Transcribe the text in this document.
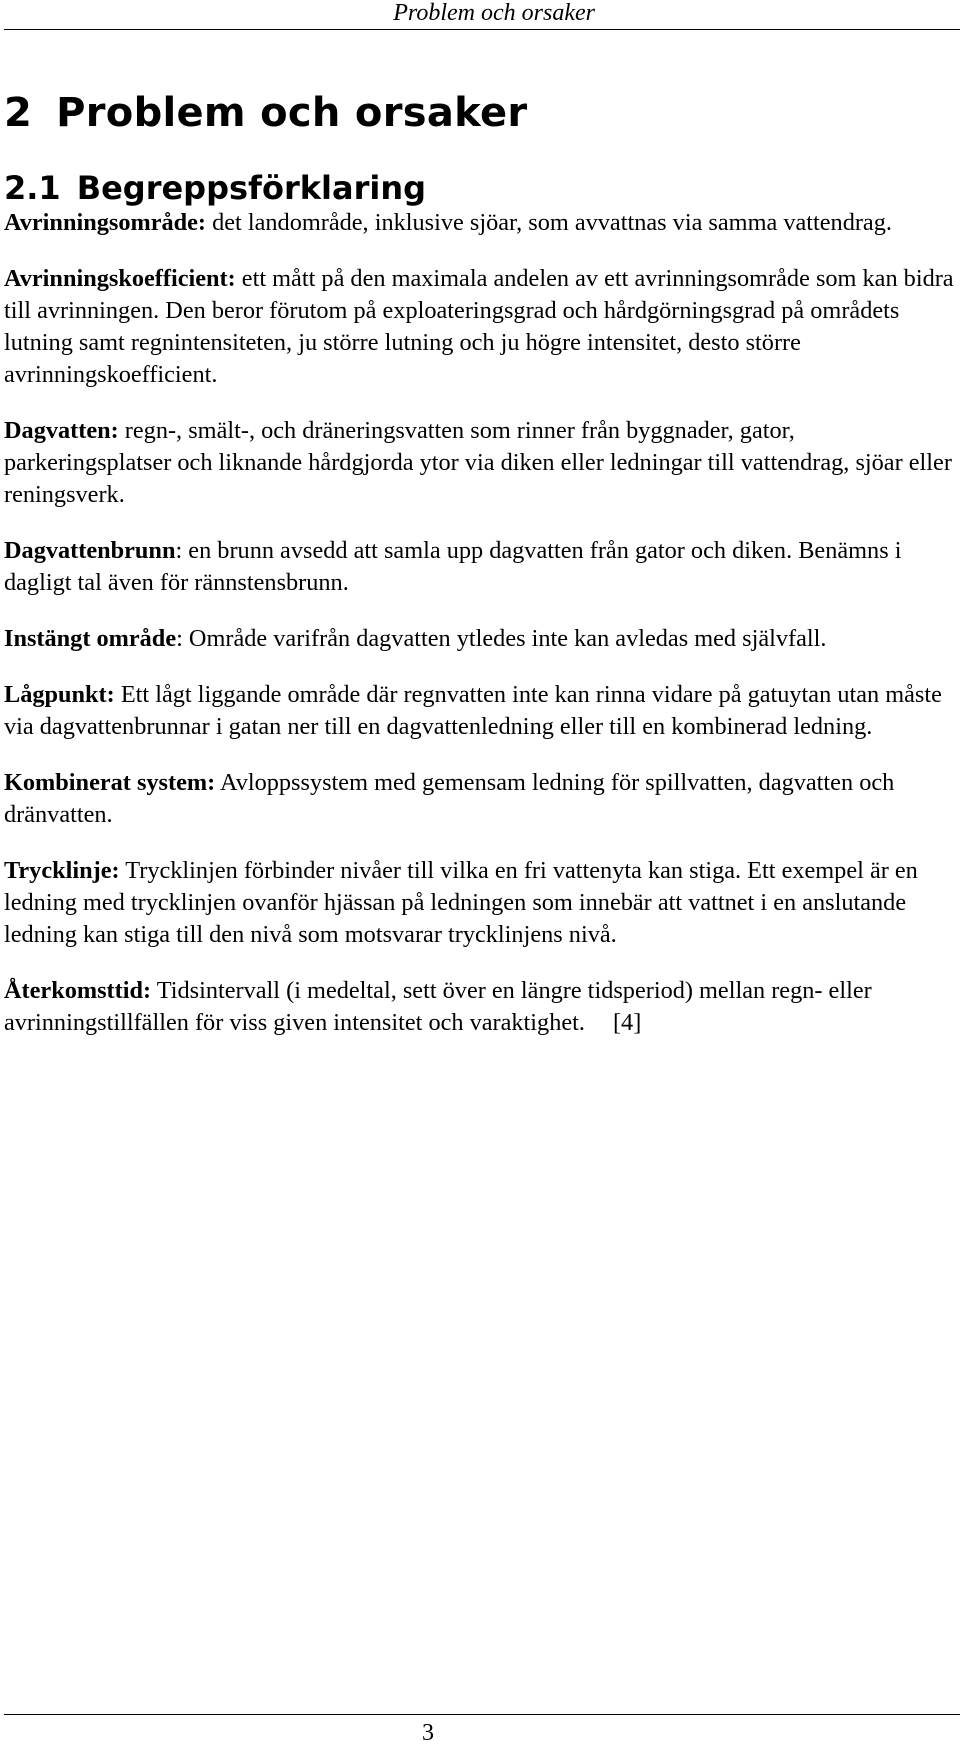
Problem och orsaker
2 Problem och orsaker
2.1 Begreppsförklaring

Avrinningsområde: det landområde, inklusive sjöar, som avvattnas via samma vattendrag.

Avrinningskoefficient: ett mått på den maximala andelen av ett avrinningsområde som kan bidra till avrinningen. Den beror förutom på exploateringsgrad och hårdgörningsgrad på områdets lutning samt regnintensiteten, ju större lutning och ju högre intensitet, desto större avrinningskoefficient.

Dagvatten: regn-, smält-, och dräneringsvatten som rinner från byggnader, gator, parkeringsplatser och liknande hårdgjorda ytor via diken eller ledningar till vattendrag, sjöar eller reningsverk.

Dagvattenbrunn: en brunn avsedd att samla upp dagvatten från gator och diken. Benämns i dagligt tal även för rännstensbrunn.

Instängt område: Område varifrån dagvatten ytledes inte kan avledas med självfall.

Lågpunkt: Ett lågt liggande område där regnvatten inte kan rinna vidare på gatuytan utan måste via dagvattenbrunnar i gatan ner till en dagvattenledning eller till en kombinerad ledning.

Kombinerat system: Avloppssystem med gemensam ledning för spillvatten, dagvatten och dränvatten.

Trycklinje: Trycklinjen förbinder nivåer till vilka en fri vattenyta kan stiga. Ett exempel är en ledning med trycklinjen ovanför hjässan på ledningen som innebär att vattnet i en anslutande ledning kan stiga till den nivå som motsvarar trycklinjens nivå.

Återkomsttid: Tidsintervall (i medeltal, sett över en längre tidsperiod) mellan regn- eller avrinningstillfällen för viss given intensitet och varaktighet. [4]

3
